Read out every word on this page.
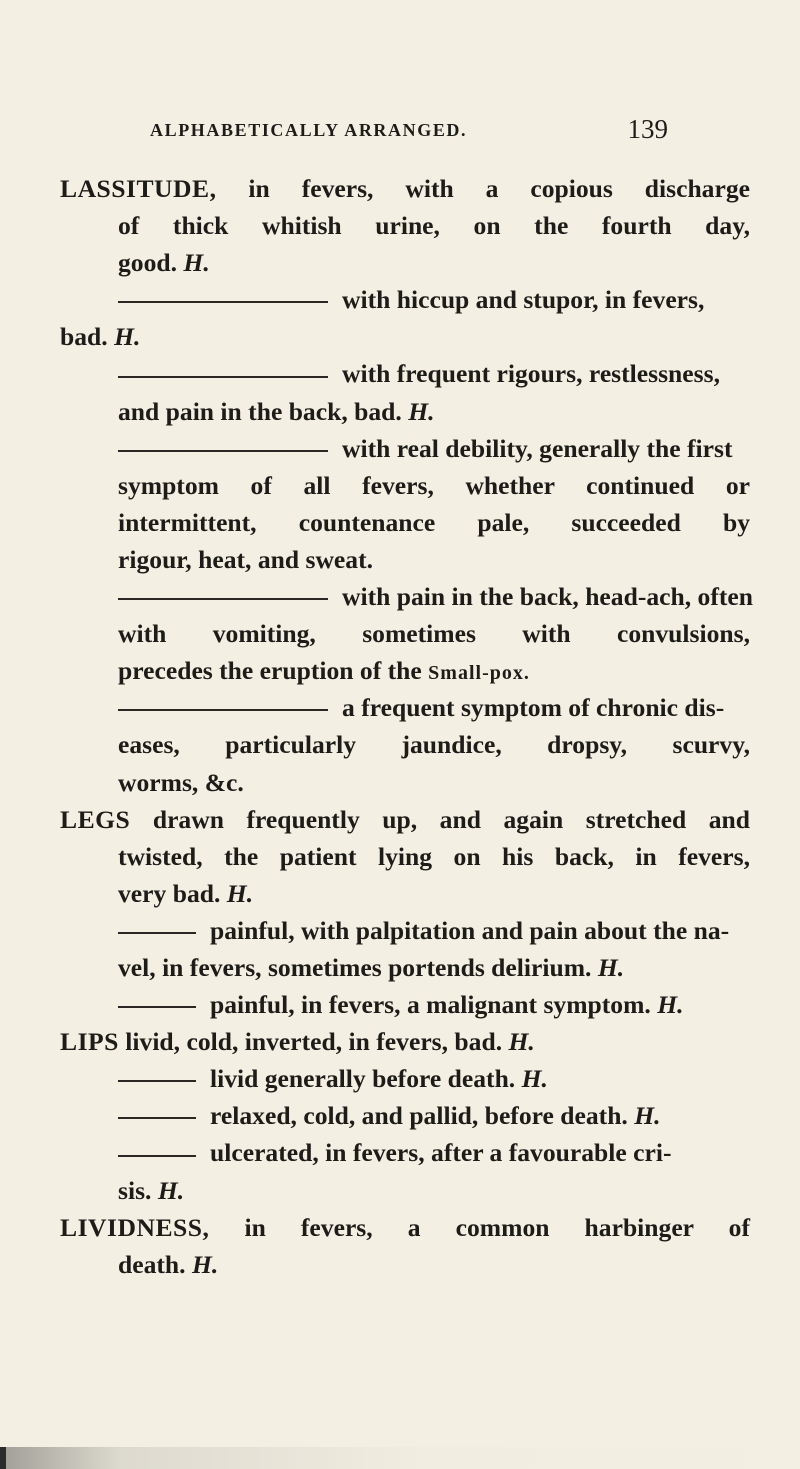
ALPHABETICALLY ARRANGED.	139
LASSITUDE, in fevers, with a copious discharge
of thick whitish urine, on the fourth day,
good. H.
with hiccup and stupor, in fevers,
bad. H.
with frequent rigours, restlessness,
and pain in the back, bad. H.
with real debility, generally the first
symptom of all fevers, whether continued or
intermittent, countenance pale, succeeded by
rigour, heat, and sweat.
with pain in the back, head-ach, often
with vomiting, sometimes with convulsions,
precedes the eruption of the Small-pox.
a frequent symptom of chronic dis-
eases, particularly jaundice, dropsy, scurvy,
worms, &c.
LEGS drawn frequently up, and again stretched and
twisted, the patient lying on his back, in fevers,
very bad. H.
painful, with palpitation and pain about the na-
vel, in fevers, sometimes portends delirium. H.
painful, in fevers, a malignant symptom. H.
LIPS livid, cold, inverted, in fevers, bad. H.
livid generally before death. H.
relaxed, cold, and pallid, before death. H.
ulcerated, in fevers, after a favourable cri-
sis. H.
LIVIDNESS, in fevers, a common harbinger of
death. H.
